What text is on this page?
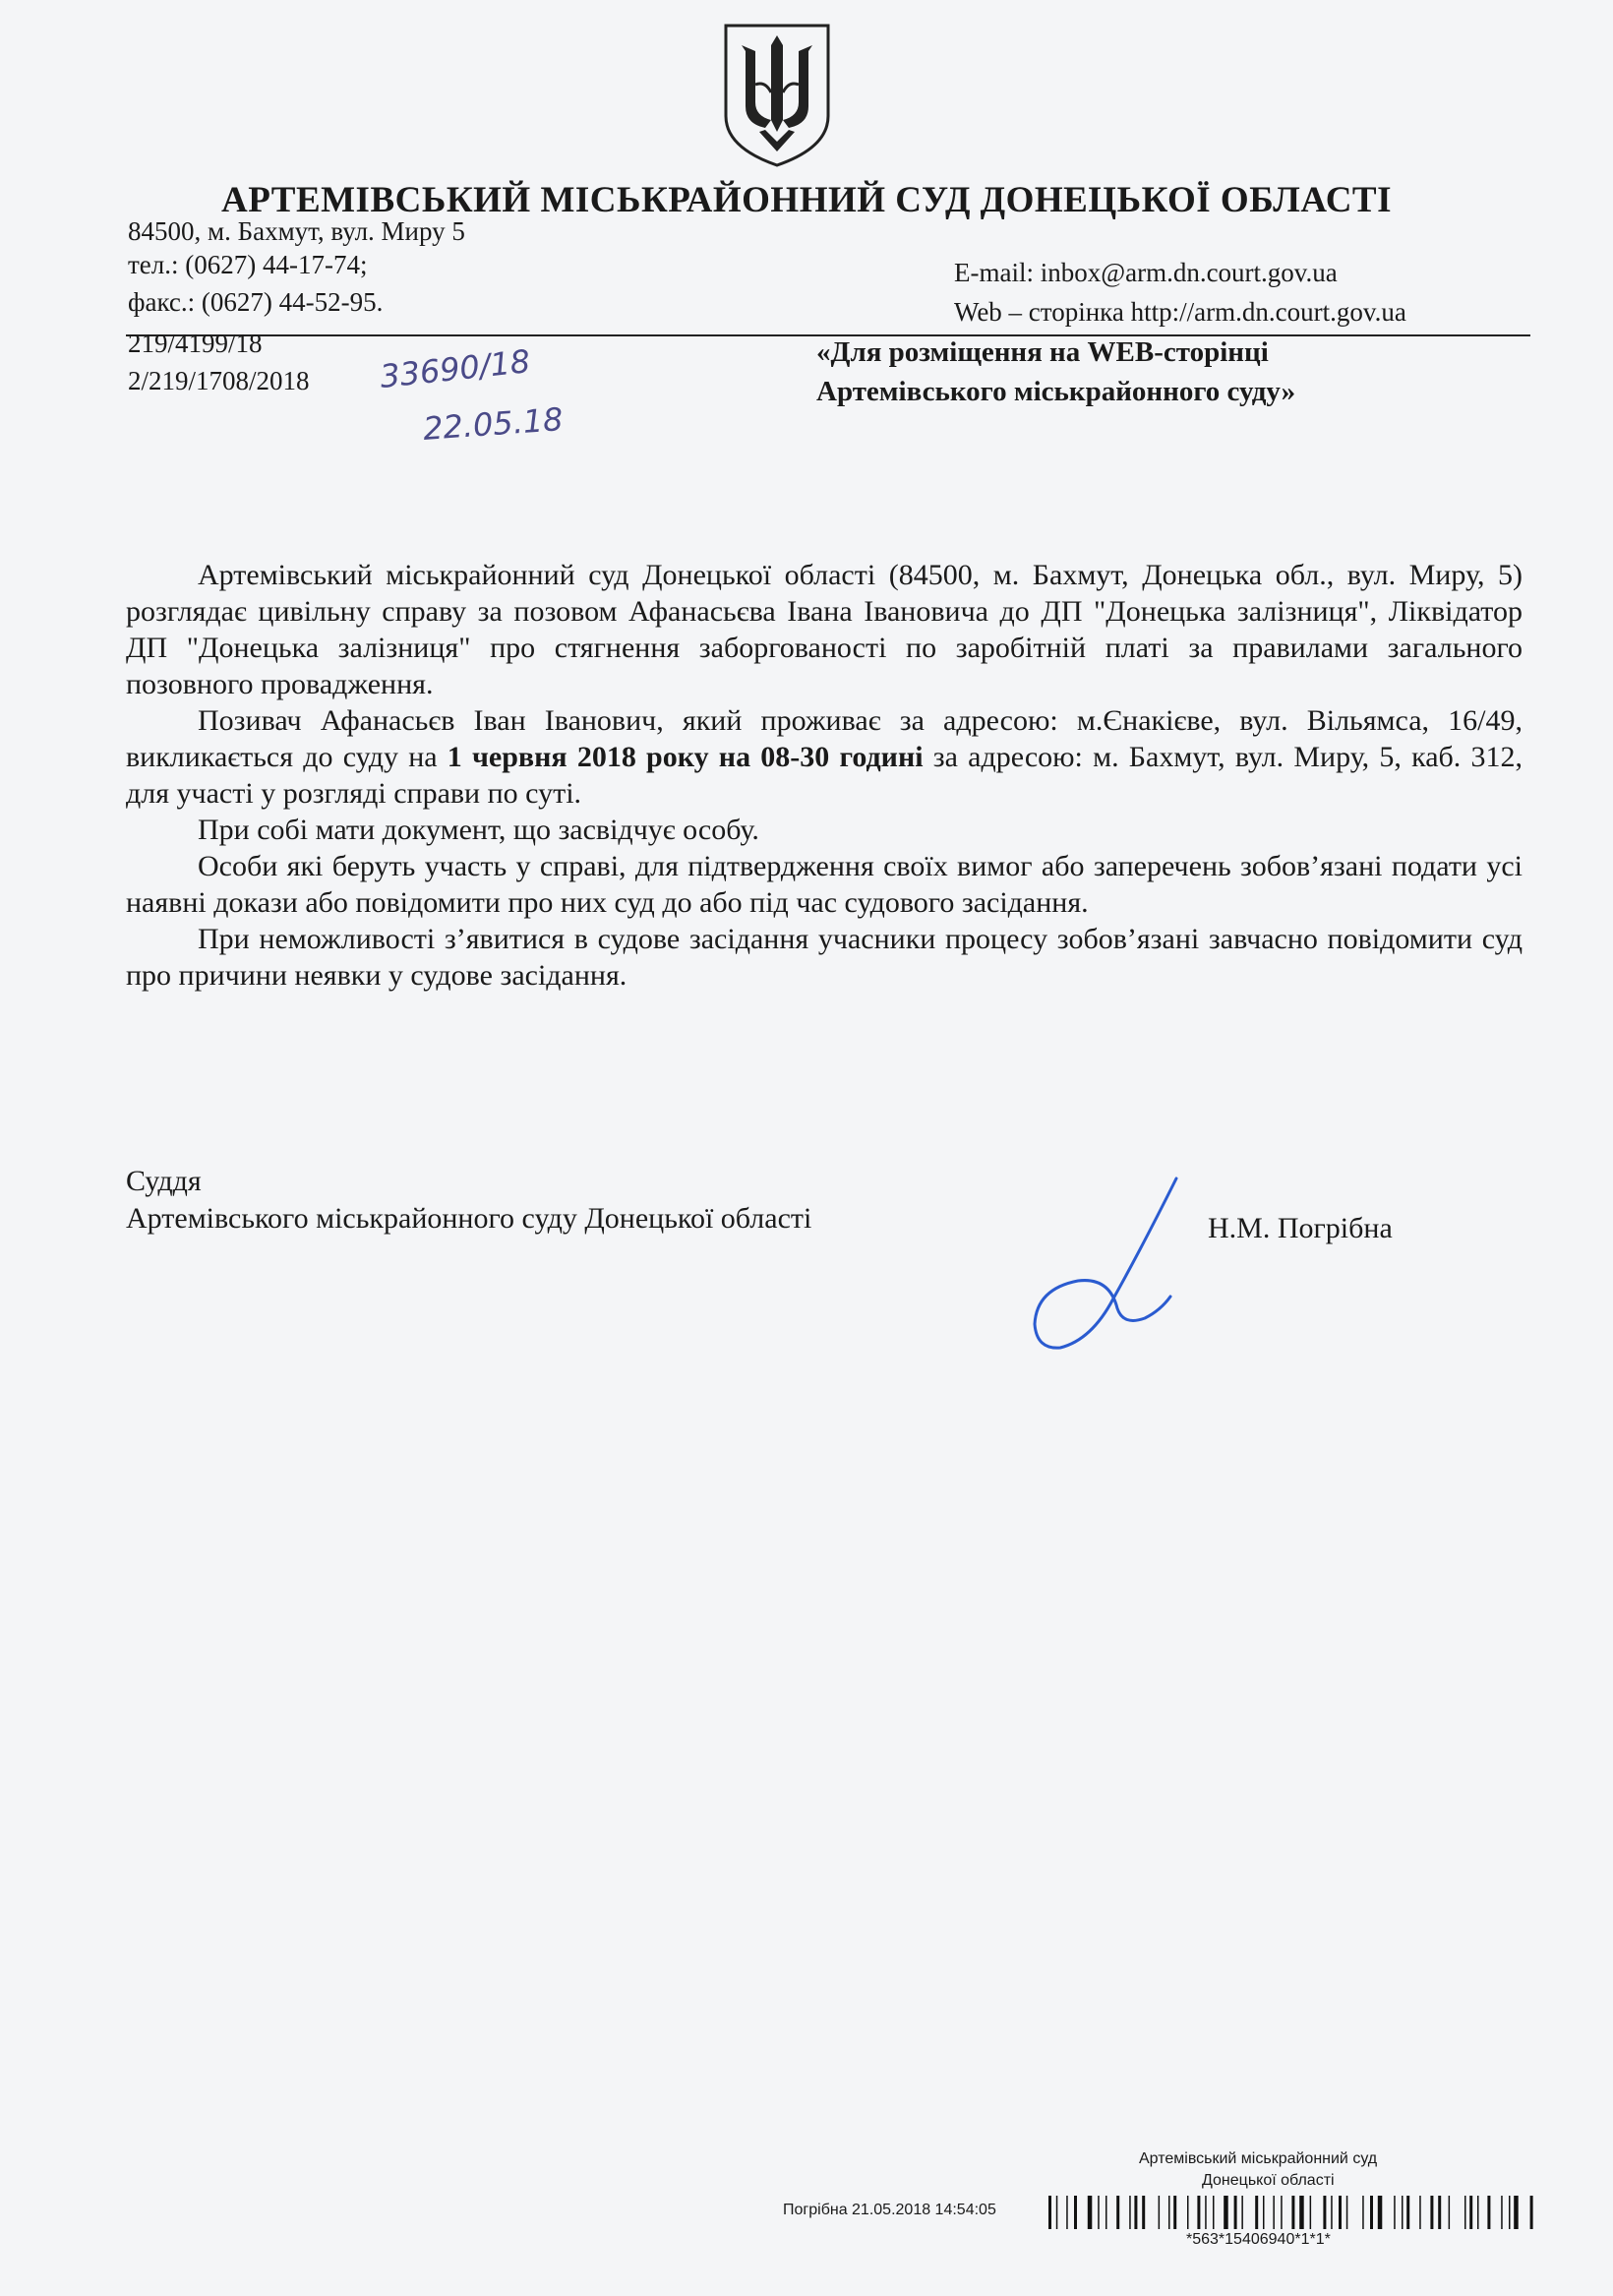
АРТЕМІВСЬКИЙ МІСЬКРАЙОННИЙ СУД ДОНЕЦЬКОЇ ОБЛАСТІ
84500, м. Бахмут, вул. Миру 5
тел.: (0627) 44-17-74;
факс.: (0627) 44-52-95.
E-mail: inbox@arm.dn.court.gov.ua
Web – сторінка http://arm.dn.court.gov.ua
219/4199/18
2/219/1708/2018 33690/18
22.05.18
«Для розміщення на WEB-сторінці
Артемівського міськрайонного суду»

Артемівський міськрайонний суд Донецької області (84500, м. Бахмут, Донецька обл., вул. Миру, 5) розглядає цивільну справу за позовом Афанасьєва Івана Івановича до ДП "Донецька залізниця", Ліквідатор ДП "Донецька залізниця" про стягнення заборгованості по заробітній платі за правилами загального позовного провадження.

Позивач Афанасьєв Іван Іванович, який проживає за адресою: м.Єнакієве, вул. Вільямса, 16/49, викликається до суду на 1 червня 2018 року на 08-30 годині за адресою: м. Бахмут, вул. Миру, 5, каб. 312, для участі у розгляді справи по суті.

При собі мати документ, що засвідчує особу.

Особи які беруть участь у справі, для підтвердження своїх вимог або заперечень зобов’язані подати усі наявні докази або повідомити про них суд до або під час судового засідання.

При неможливості з’явитися в судове засідання учасники процесу зобов’язані завчасно повідомити суд про причини неявки у судове засідання.

Суддя
Артемівського міськрайонного суду Донецької області	Н.М. Погрібна
Артемівський міськрайонний суд
Донецької області
Погрібна 21.05.2018 14:54:05
*563*15406940*1*1*
